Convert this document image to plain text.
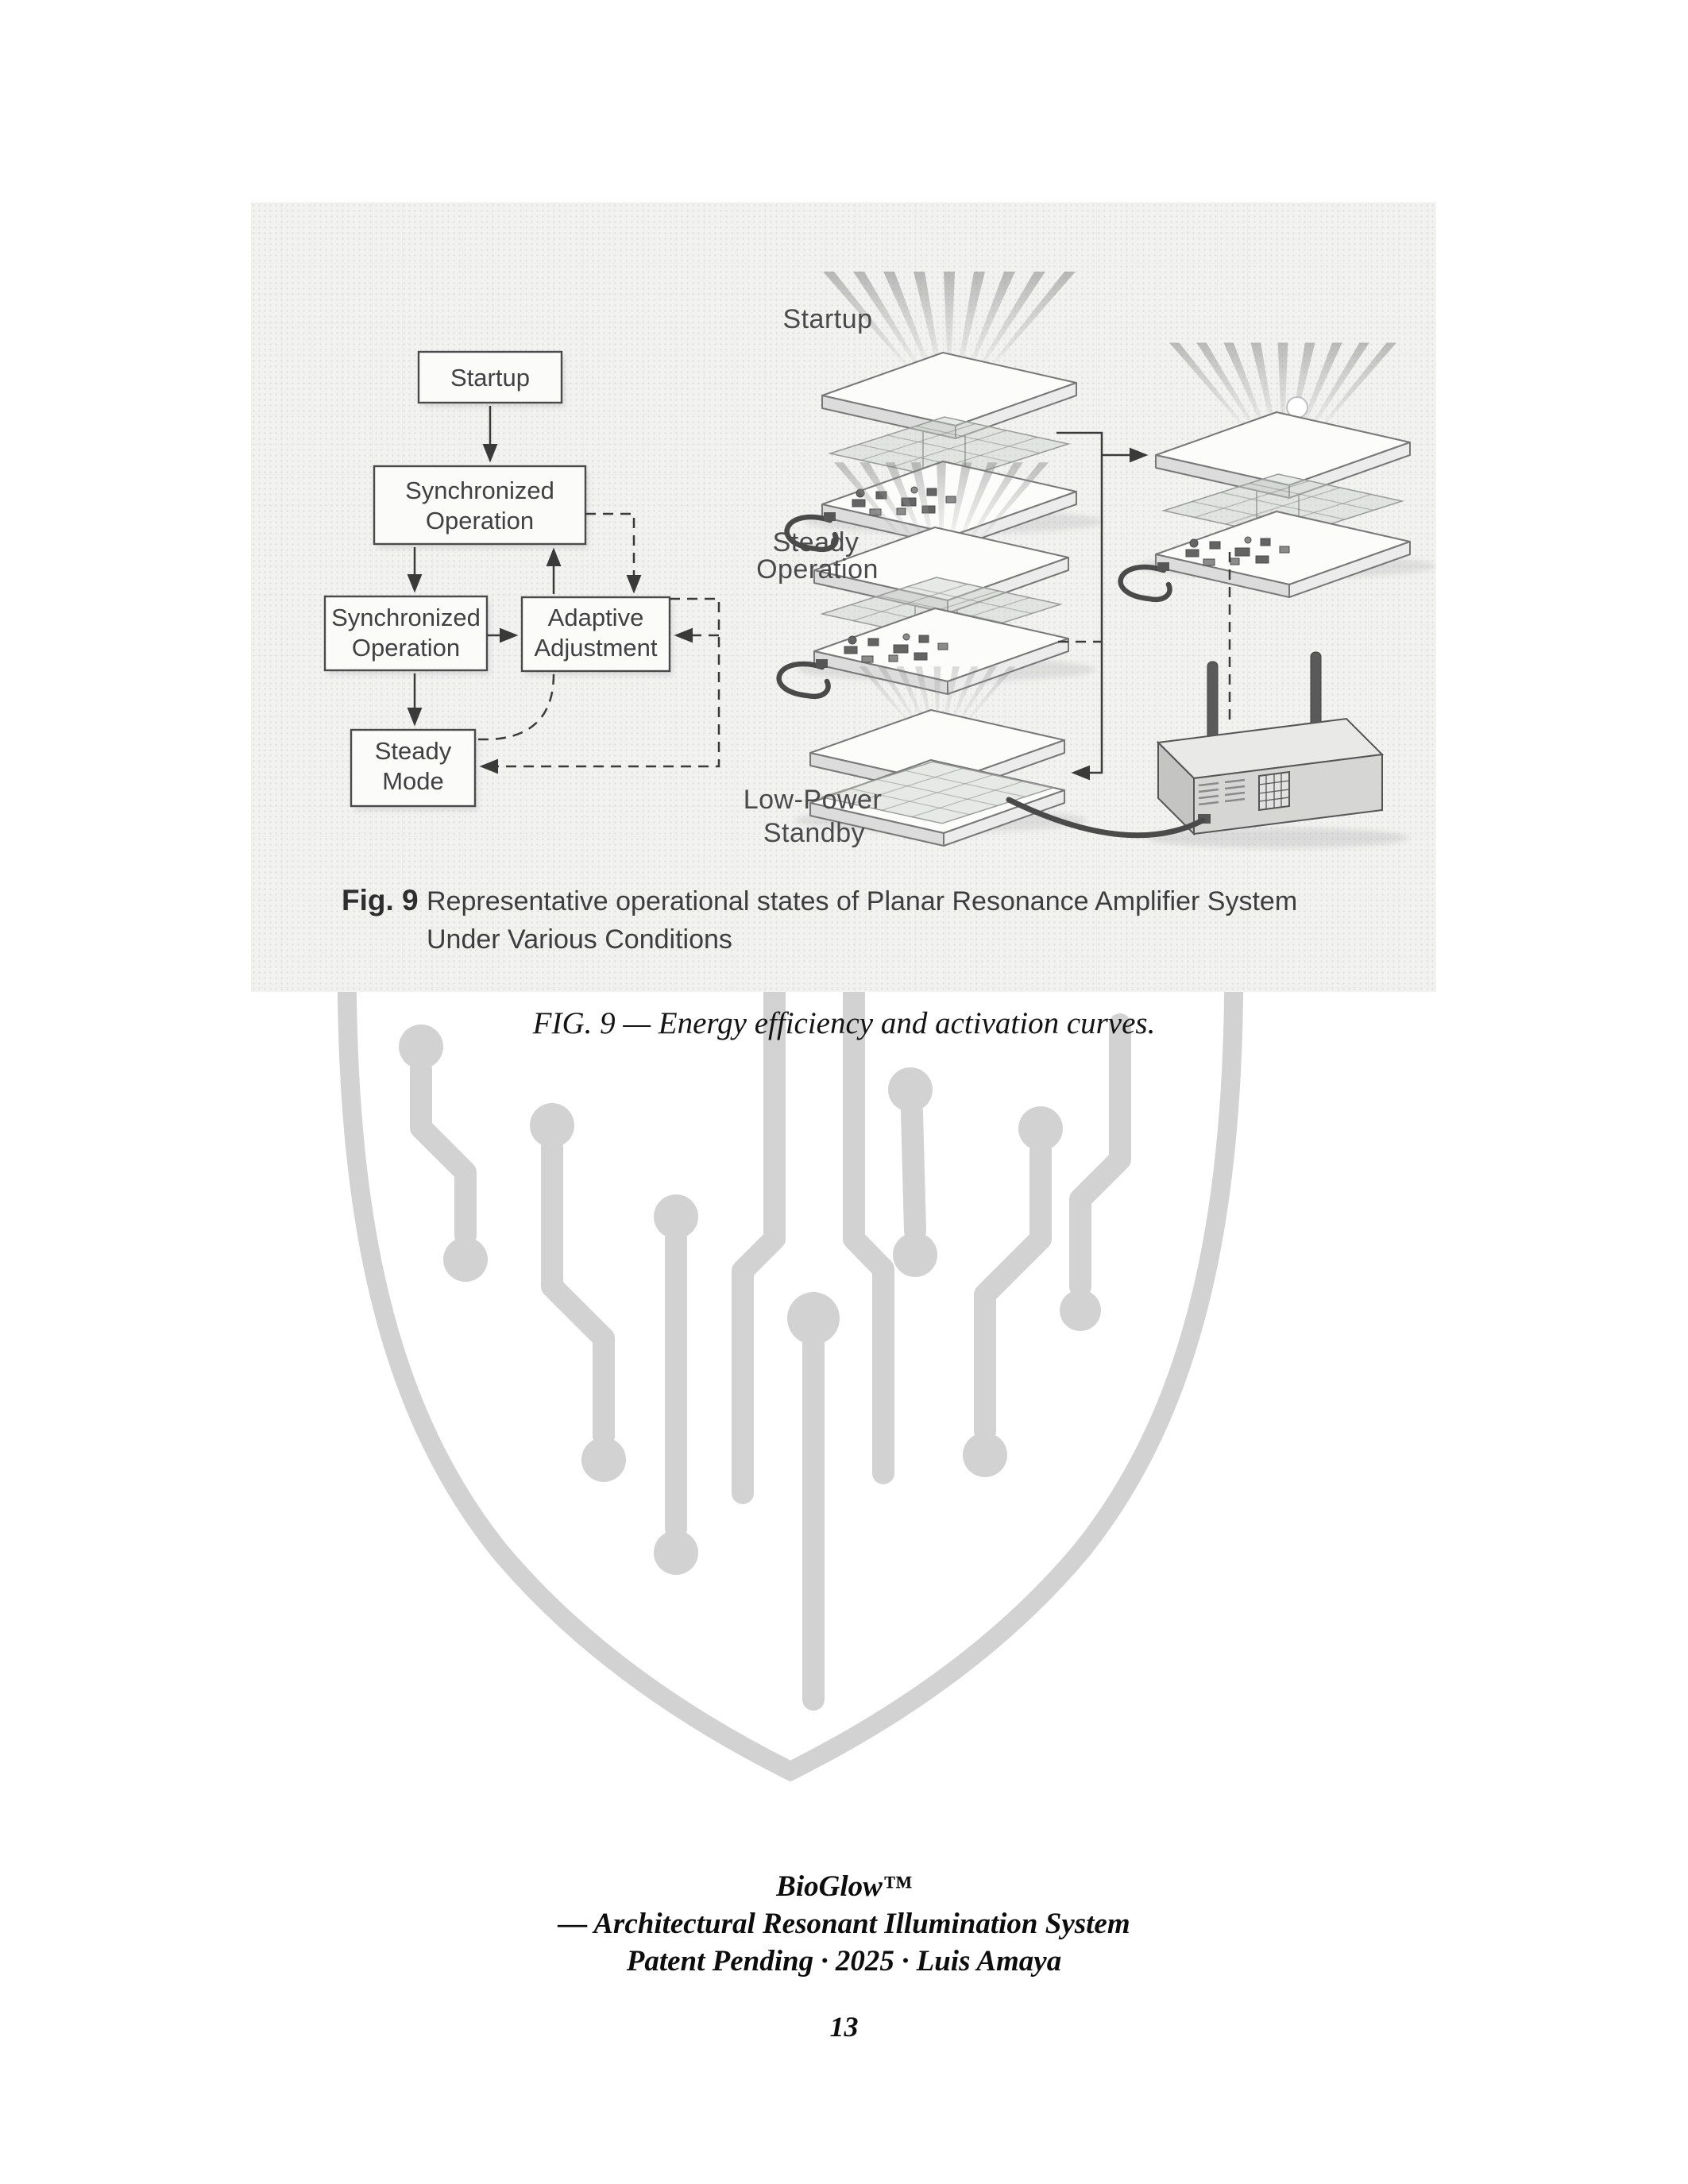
Startup
Steady
Operation
Low-Power
Standby
Startup
Synchronized
Operation
Synchronized
Operation
Adaptive
Adjustment
Steady
Mode
Fig. 9 Representative operational states of Planar Resonance Amplifier System
Under Various Conditions
FIG. 9 — Energy efficiency and activation curves.
BioGlow™
— Architectural Resonant Illumination System
Patent Pending · 2025 · Luis Amaya
13
